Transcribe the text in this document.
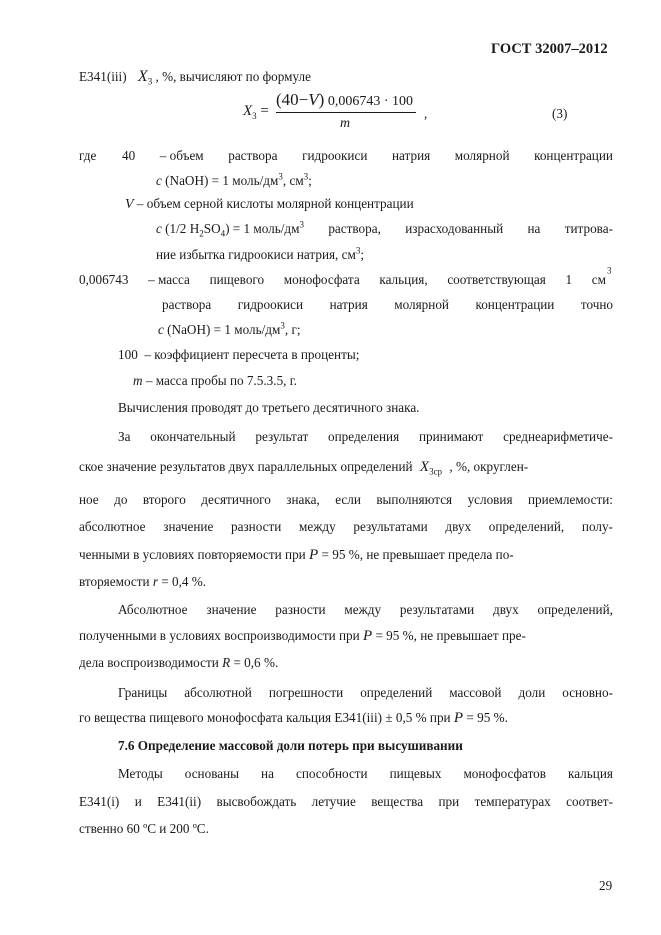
ГОСТ 32007–2012
Е341(iii) $X_3$ , %, вычисляют по формуле
$X_3$ =
(40−V) 0,006743 · 100
m
,	(3)
где 40 – объем раствора гидроокиси натрия молярной концентрации
c (NaOH) = 1 моль/$дм^3$, $см^3$;
V – объем серной кислоты молярной концентрации
c (1/2 $H_2SO_4) = 1$ моль/$дм^3$ раствора, израсходованный на титрова-
ние избытка гидроокиси натрия, $см^3$;
0,006743 – масса пищевого монофосфата кальция, соответствующая 1 см
$^3$
раствора гидроокиси натрия молярной концентрации точно
c (NaOH) = 1 моль/$дм^3$, г;
100 – коэффициент пересчета в проценты;
m – масса пробы по 7.5.3.5, г.
Вычисления проводят до третьего десятичного знака.
За окончательный результат определения принимают среднеарифметиче-
ское значение результатов двух параллельных определений $X_{3ср}$ , %, округлен-
ное до второго десятичного знака, если выполняются условия приемлемости:
абсолютное значение разности между результатами двух определений, полу-
ченными в условиях повторяемости при P = 95 %, не превышает предела по-
вторяемости r = 0,4 %.
Абсолютное значение разности между результатами двух определений,
полученными в условиях воспроизводимости при P = 95 %, не превышает пре-
дела воспроизводимости R = 0,6 %.
Границы абсолютной погрешности определений массовой доли основно-
го вещества пищевого монофосфата кальция Е341(iii) ± 0,5 % при P = 95 %.
7.6 Определение массовой доли потерь при высушивании
Методы основаны на способности пищевых монофосфатов кальция
Е341(i) и Е341(ii) высвобождать летучие вещества при температурах соответ-
ственно 60 ºС и 200 ºС.
29
